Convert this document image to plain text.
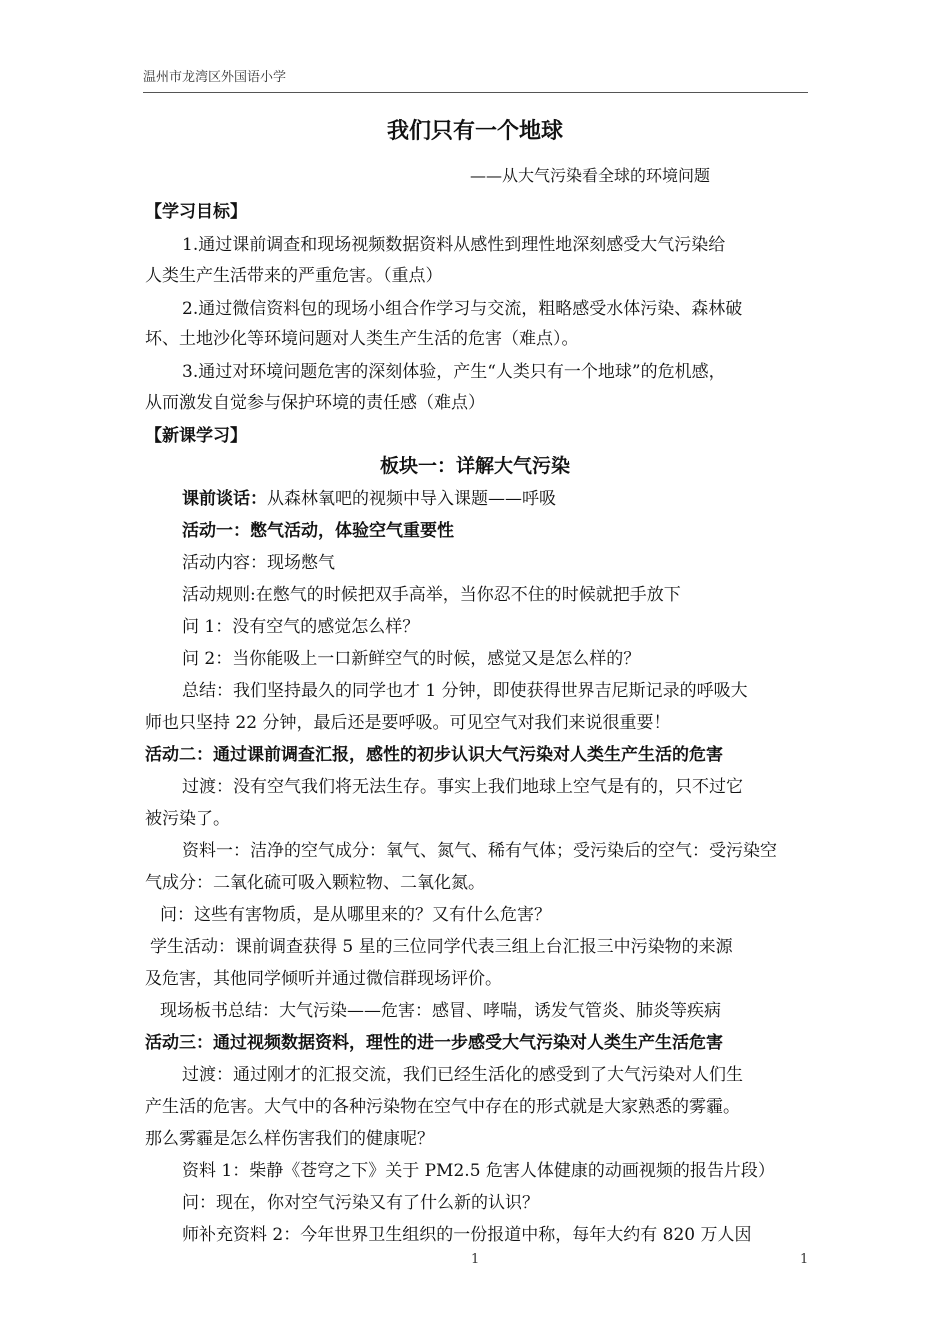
温州市龙湾区外国语小学
我们只有一个地球
——从大气污染看全球的环境问题
【学习目标】
1.通过课前调查和现场视频数据资料从感性到理性地深刻感受大气污染给
人类生产生活带来的严重危害。（重点）
2.通过微信资料包的现场小组合作学习与交流，粗略感受水体污染、森林破
坏、土地沙化等环境问题对人类生产生活的危害（难点）。
3.通过对环境问题危害的深刻体验，产生“人类只有一个地球”的危机感，
从而激发自觉参与保护环境的责任感（难点）
【新课学习】
板块一：详解大气污染
课前谈话：从森林氧吧的视频中导入课题——呼吸
活动一：憋气活动，体验空气重要性
活动内容：现场憋气
活动规则:在憋气的时候把双手高举，当你忍不住的时候就把手放下
问 1：没有空气的感觉怎么样？
问 2：当你能吸上一口新鲜空气的时候，感觉又是怎么样的？
总结：我们坚持最久的同学也才 1 分钟，即使获得世界吉尼斯记录的呼吸大
师也只坚持 22 分钟，最后还是要呼吸。可见空气对我们来说很重要！
活动二：通过课前调查汇报，感性的初步认识大气污染对人类生产生活的危害
过渡：没有空气我们将无法生存。事实上我们地球上空气是有的，只不过它
被污染了。
资料一：洁净的空气成分：氧气、氮气、稀有气体；受污染后的空气：受污染空
气成分：二氧化硫可吸入颗粒物、二氧化氮。
问：这些有害物质，是从哪里来的？又有什么危害？
学生活动：课前调查获得 5 星的三位同学代表三组上台汇报三中污染物的来源
及危害，其他同学倾听并通过微信群现场评价。
现场板书总结：大气污染——危害：感冒、哮喘，诱发气管炎、肺炎等疾病
活动三：通过视频数据资料，理性的进一步感受大气污染对人类生产生活危害
过渡：通过刚才的汇报交流，我们已经生活化的感受到了大气污染对人们生
产生活的危害。大气中的各种污染物在空气中存在的形式就是大家熟悉的雾霾。
那么雾霾是怎么样伤害我们的健康呢？
资料 1：柴静《苍穹之下》关于 PM2.5 危害人体健康的动画视频的报告片段）
问：现在，你对空气污染又有了什么新的认识？
师补充资料 2：今年世界卫生组织的一份报道中称，每年大约有 820 万人因
1	1
